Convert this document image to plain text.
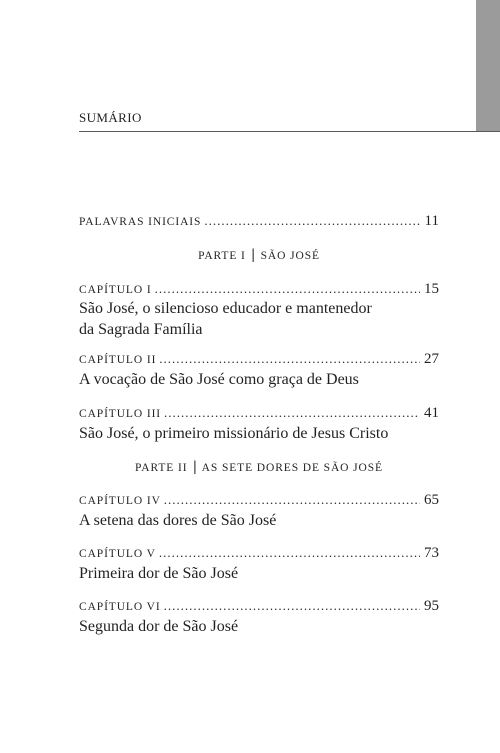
SUMÁRIO
PALAVRAS INICIAIS .....	11
PARTE I | SÃO JOSÉ
CAPÍTULO I .....	15
São José, o silencioso educador e mantenedor
da Sagrada Família
CAPÍTULO II .....	27
A vocação de São José como graça de Deus
CAPÍTULO III .....	41
São José, o primeiro missionário de Jesus Cristo
PARTE II | AS SETE DORES DE SÃO JOSÉ
CAPÍTULO IV .....	65
A setena das dores de São José
CAPÍTULO V .....	73
Primeira dor de São José
CAPÍTULO VI .....	95
Segunda dor de São José
